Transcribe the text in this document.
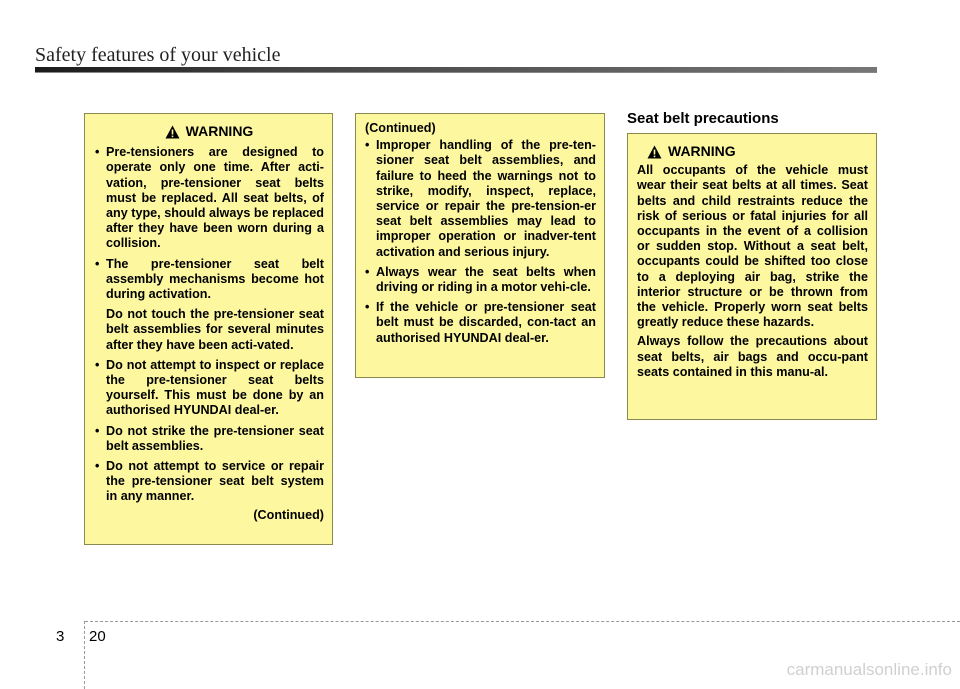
Safety features of your vehicle
WARNING
• Pre-tensioners are designed to operate only one time. After acti-vation, pre-tensioner seat belts must be replaced. All seat belts, of any type, should always be replaced after they have been worn during a collision.
• The pre-tensioner seat belt assembly mechanisms become hot during activation.
Do not touch the pre-tensioner seat belt assemblies for several minutes after they have been acti-vated.
• Do not attempt to inspect or replace the pre-tensioner seat belts yourself. This must be done by an authorised HYUNDAI deal-er.
• Do not strike the pre-tensioner seat belt assemblies.
• Do not attempt to service or repair the pre-tensioner seat belt system in any manner.
(Continued)
(Continued)
• Improper handling of the pre-ten-sioner seat belt assemblies, and failure to heed the warnings not to strike, modify, inspect, replace, service or repair the pre-tension-er seat belt assemblies may lead to improper operation or inadver-tent activation and serious injury.
• Always wear the seat belts when driving or riding in a motor vehi-cle.
• If the vehicle or pre-tensioner seat belt must be discarded, con-tact an authorised HYUNDAI deal-er.
Seat belt precautions
WARNING

All occupants of the vehicle must wear their seat belts at all times. Seat belts and child restraints reduce the risk of serious or fatal injuries for all occupants in the event of a collision or sudden stop. Without a seat belt, occupants could be shifted too close to a deploying air bag, strike the interior structure or be thrown from the vehicle. Properly worn seat belts greatly reduce these hazards.

Always follow the precautions about seat belts, air bags and occu-pant seats contained in this manu-al.

3 20
carmanualsonline.info
